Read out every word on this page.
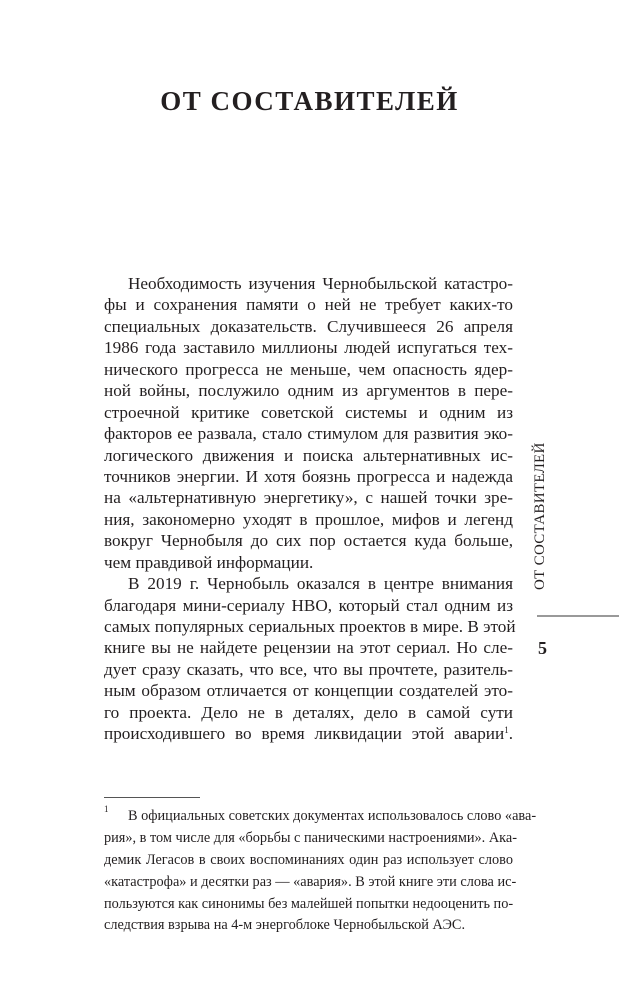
ОТ СОСТАВИТЕЛЕЙ
Необходимость изучения Чернобыльской катастро-
фы и сохранения памяти о ней не требует каких-то
специальных доказательств. Случившееся 26 апреля
1986 года заставило миллионы людей испугаться тех-
нического прогресса не меньше, чем опасность ядер-
ной войны, послужило одним из аргументов в пере-
строечной критике советской системы и одним из
факторов ее развала, стало стимулом для развития эко-
логического движения и поиска альтернативных ис-
точников энергии. И хотя боязнь прогресса и надежда
на «альтернативную энергетику», с нашей точки зре-
ния, закономерно уходят в прошлое, мифов и легенд
вокруг Чернобыля до сих пор остается куда больше,
чем правдивой информации.
В 2019 г. Чернобыль оказался в центре внимания
благодаря мини-сериалу HBO, который стал одним из
самых популярных сериальных проектов в мире. В этой
книге вы не найдете рецензии на этот сериал. Но сле-
дует сразу сказать, что все, что вы прочтете, разитель-
ным образом отличается от концепции создателей это-
го проекта. Дело не в деталях, дело в самой сути
происходившего во время ликвидации этой аварии$^1$.
1	В официальных советских документах использовалось слово «ава-
рия», в том числе для «борьбы с паническими настроениями». Ака-
демик Легасов в своих воспоминаниях один раз использует слово
«катастрофа» и десятки раз — «авария». В этой книге эти слова ис-
пользуются как синонимы без малейшей попытки недооценить по-
следствия взрыва на 4-м энергоблоке Чернобыльской АЭС.
ОТ СОСТАВИТЕЛЕЙ
5
